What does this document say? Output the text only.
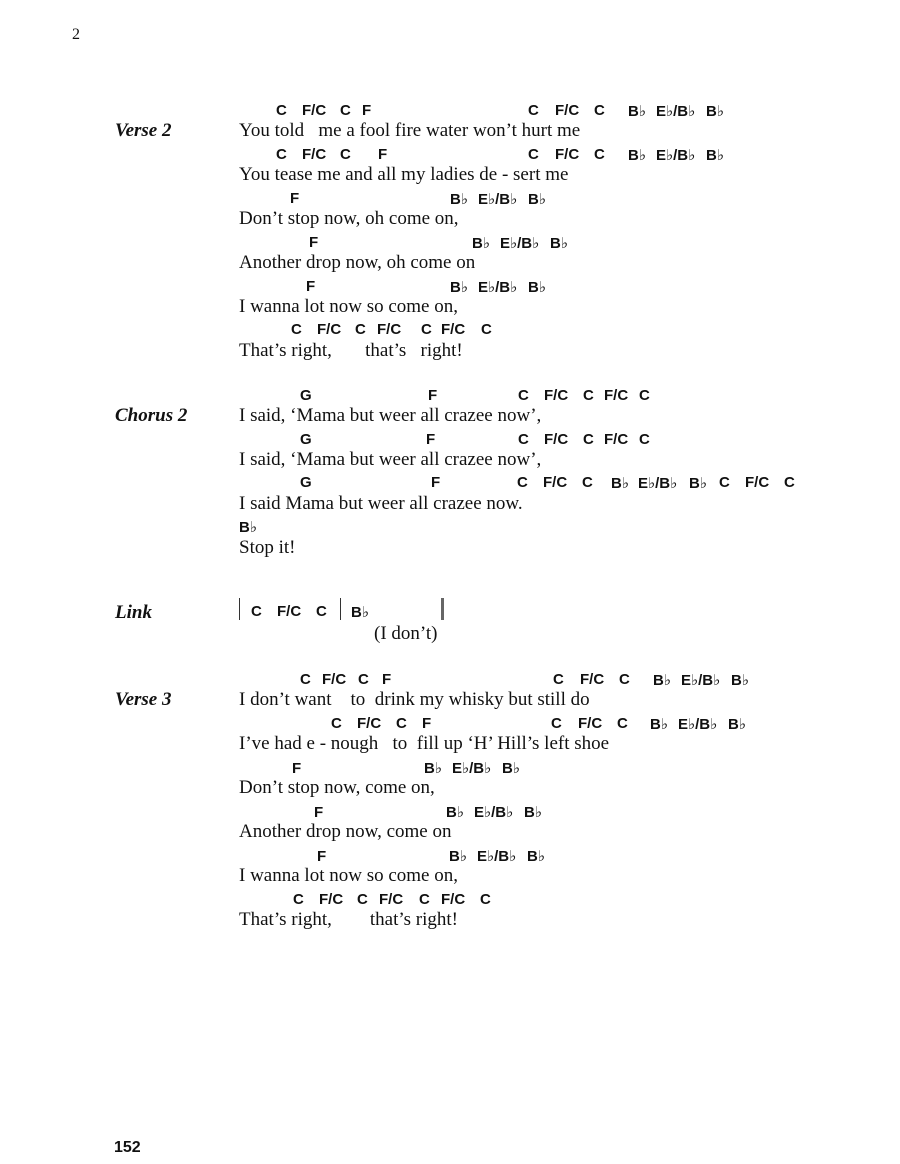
2
Verse 2
C F/C C F	C F/C C B♭ E♭/B♭ B♭
You told   me a fool fire water won’t hurt me
C F/C C F	C F/C C B♭ E♭/B♭ B♭
You tease me and all my ladies de - sert me
F	B♭ E♭/B♭ B♭
Don’t stop now, oh come on,
F	B♭ E♭/B♭ B♭
Another drop now, oh come on
F	B♭ E♭/B♭ B♭
I wanna lot now so come on,
C F/C C F/C C F/C C
That’s right,       that’s   right!
Chorus 2
G	F	C F/C C F/C C
I said, ‘Mama but weer all crazee now’,
G	F	C F/C C F/C C
I said, ‘Mama but weer all crazee now’,
G	F	C F/C C B♭ E♭/B♭ B♭ C F/C C
I said Mama but weer all crazee now.
B♭
Stop it!
Link	C F/C C B♭
(I don’t)
Verse 3
C F/C C F	C F/C C B♭ E♭/B♭ B♭
I don’t want    to  drink my whisky but still do
C F/C C F	C F/C C B♭ E♭/B♭ B♭
I’ve had e - nough   to  fill up ‘H’ Hill’s left shoe
F	B♭ E♭/B♭ B♭
Don’t stop now, come on,
F	B♭ E♭/B♭ B♭
Another drop now, come on
F	B♭ E♭/B♭ B♭
I wanna lot now so come on,
C F/C C F/C C F/C C
That’s right,        that’s right!
152
